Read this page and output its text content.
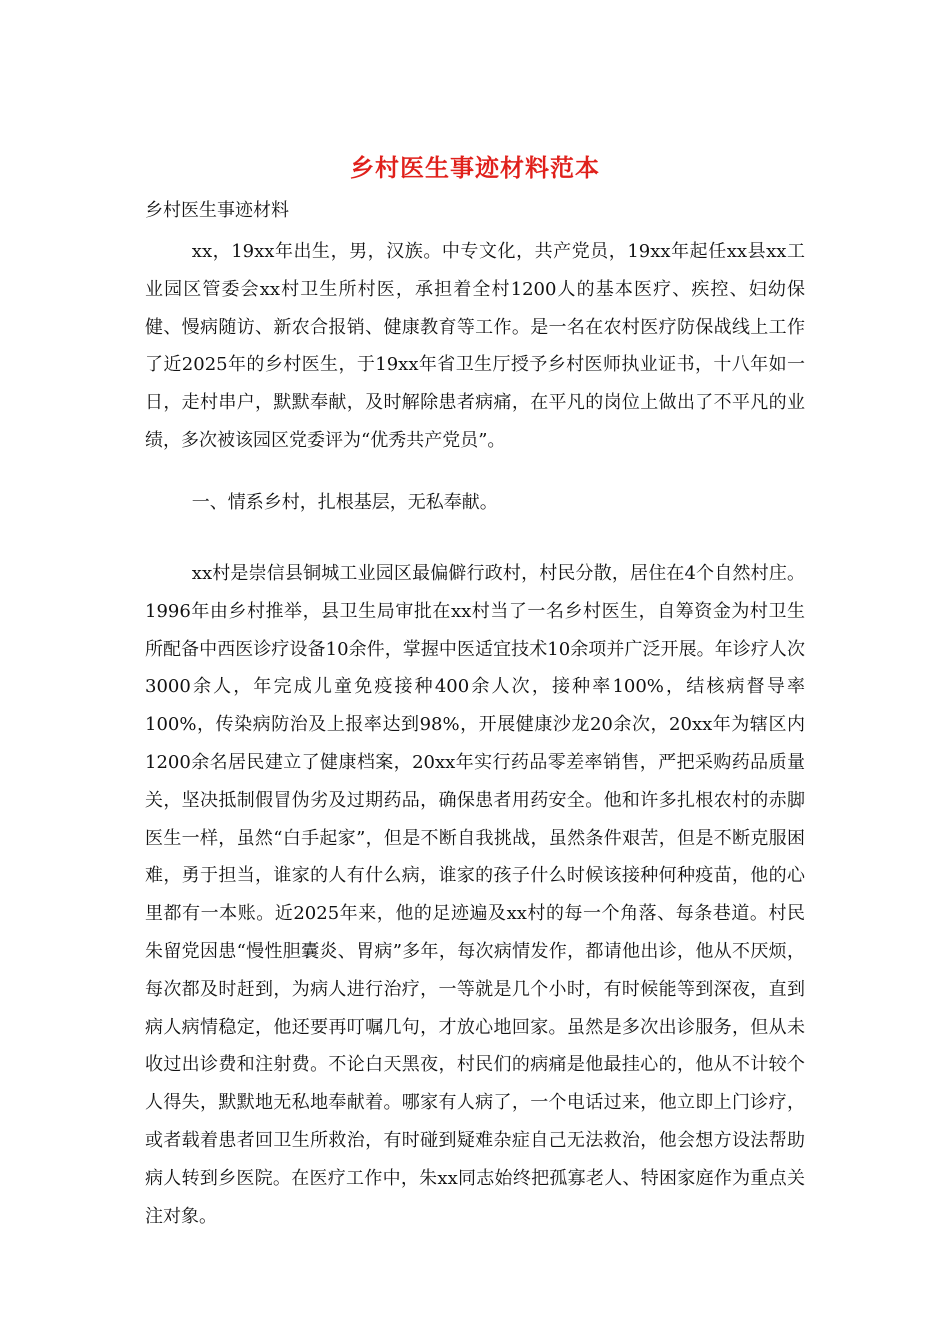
乡村医生事迹材料范本
乡村医生事迹材料

xx，19xx年出生，男，汉族。中专文化，共产党员，19xx年起任xx县xx工业园区管委会xx村卫生所村医，承担着全村1200人的基本医疗、疾控、妇幼保健、慢病随访、新农合报销、健康教育等工作。是一名在农村医疗防保战线上工作了近2025年的乡村医生，于19xx年省卫生厅授予乡村医师执业证书，十八年如一日，走村串户，默默奉献，及时解除患者病痛，在平凡的岗位上做出了不平凡的业绩，多次被该园区党委评为“优秀共产党员”。

一、情系乡村，扎根基层，无私奉献。

xx村是崇信县铜城工业园区最偏僻行政村，村民分散，居住在4个自然村庄。1996年由乡村推举，县卫生局审批在xx村当了一名乡村医生，自筹资金为村卫生所配备中西医诊疗设备10余件，掌握中医适宜技术10余项并广泛开展。年诊疗人次3000余人，年完成儿童免疫接种400余人次，接种率100%，结核病督导率100%，传染病防治及上报率达到98%，开展健康沙龙20余次，20xx年为辖区内1200余名居民建立了健康档案，20xx年实行药品零差率销售，严把采购药品质量关，坚决抵制假冒伪劣及过期药品，确保患者用药安全。他和许多扎根农村的赤脚医生一样，虽然“白手起家”，但是不断自我挑战，虽然条件艰苦，但是不断克服困难，勇于担当，谁家的人有什么病，谁家的孩子什么时候该接种何种疫苗，他的心里都有一本账。近2025年来，他的足迹遍及xx村的每一个角落、每条巷道。村民朱留党因患“慢性胆囊炎、胃病”多年，每次病情发作，都请他出诊，他从不厌烦，每次都及时赶到，为病人进行治疗，一等就是几个小时，有时候能等到深夜，直到病人病情稳定，他还要再叮嘱几句，才放心地回家。虽然是多次出诊服务，但从未收过出诊费和注射费。不论白天黑夜，村民们的病痛是他最挂心的，他从不计较个人得失，默默地无私地奉献着。哪家有人病了，一个电话过来，他立即上门诊疗，或者载着患者回卫生所救治，有时碰到疑难杂症自己无法救治，他会想方设法帮助病人转到乡医院。在医疗工作中，朱xx同志始终把孤寡老人、特困家庭作为重点关注对象。
